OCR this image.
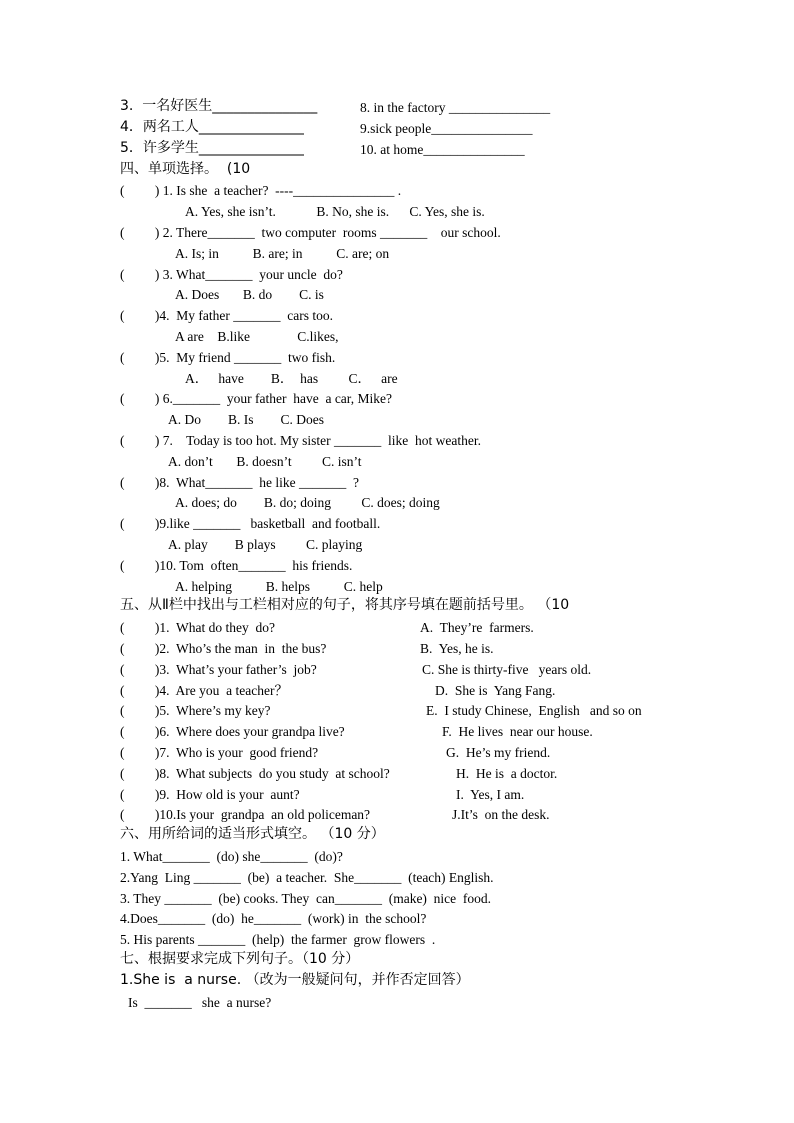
3.  一名好医生_______________	8. in the factory _______________
4．两名工人_______________	9.sick people_______________
5．许多学生_______________	10. at home_______________
四、单项选择。  (10
(         ) 1. Is she  a teacher?  ----_______________ .
A. Yes, she isn’t.            B. No, she is.      C. Yes, she is.
(         ) 2. There_______  two computer  rooms _______    our school.
A. Is; in          B. are; in          C. are; on
(         ) 3. What_______  your uncle  do?
A. Does       B. do        C. is
(         )4.  My father _______  cars too.
A are    B.like              C.likes,
(         )5.  My friend _______  two fish.
A．   have        B．  has         C．   are
(         ) 6._______  your father  have  a car, Mike?
A. Do        B. Is        C. Does
(         ) 7.    Today is too hot. My sister _______  like  hot weather.
A. don’t       B. doesn’t         C. isn’t
(         )8.  What_______  he like _______  ?
A. does; do        B. do; doing         C. does; doing
(         )9.like _______   basketball  and football.
A. play        B plays         C. playing
(         )10. Tom  often_______  his friends.
A. helping          B. helps          C. help
五、从Ⅱ栏中找出与工栏相对应的句子，将其序号填在题前括号里。 （10
(         )1.  What do they  do?	A.  They’re  farmers.
(         )2.  Who’s the man  in  the bus?	B.  Yes, he is.
(         )3.  What’s your father’s  job?	C. She is thirty-five   years old.
(         )4.  Are you  a teacher？	D.  She is  Yang Fang.
(         )5.  Where’s my key?	E.  I study Chinese,  English   and so on
(         )6.  Where does your grandpa live?	F.  He lives  near our house.
(         )7.  Who is your  good friend?	G.  He’s my friend.
(         )8.  What subjects  do you study  at school?	H.  He is  a doctor.
(         )9.  How old is your  aunt?	I.  Yes, I am.
(         )10.Is your  grandpa  an old policeman?	J.It’s  on the desk.
六、用所给词的适当形式填空。 （10 分）
1. What_______  (do) she_______  (do)?
2.Yang  Ling _______  (be)  a teacher.  She_______  (teach) English.
3. They _______  (be) cooks. They  can_______  (make)  nice  food.
4.Does_______  (do)  he_______  (work) in  the school?
5. His parents _______  (help)  the farmer  grow flowers  .
七、根据要求完成下列句子。（10 分）
1.She is  a nurse. （改为一般疑问句，并作否定回答）
Is  _______   she  a nurse?
